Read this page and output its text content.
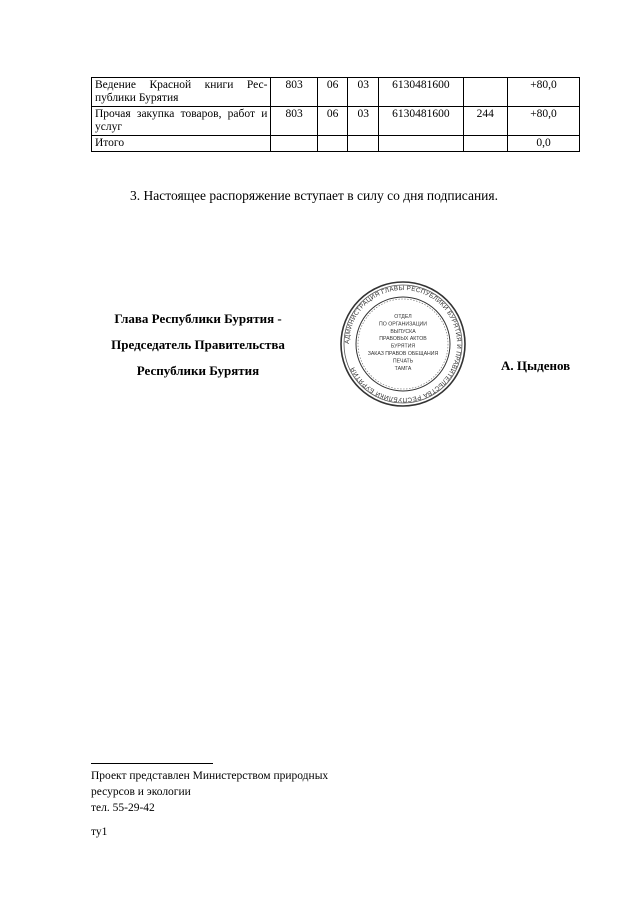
Ведение Красной книги Рес-публики Бурятия	803	06	03	6130481600		+80,0
Прочая закупка товаров, работ и услуг	803	06	03	6130481600	244	+80,0
Итого						0,0
3. Настоящее распоряжение вступает в силу со дня подписания.
Глава Республики Бурятия -
Председатель Правительства
Республики Бурятия	А. Цыденов
АДМИНИСТРАЦИЯ ГЛАВЫ РЕСПУБЛИКИ БУРЯТИЯ И ПРАВИТЕЛЬСТВА РЕСПУБЛИКИ БУРЯТИЯ
ОТДЕЛ
ПО ОРГАНИЗАЦИИ
ВЫПУСКА
ПРАВОВЫХ АКТОВ
БУРЯТИЯ
ЗАКАЗ ПРАВОВ ОБЕЩАНИЯ
ПЕЧАТЬ
ТАМГА
Проект представлен Министерством природных
ресурсов и экологии
тел. 55-29-42
ту1
